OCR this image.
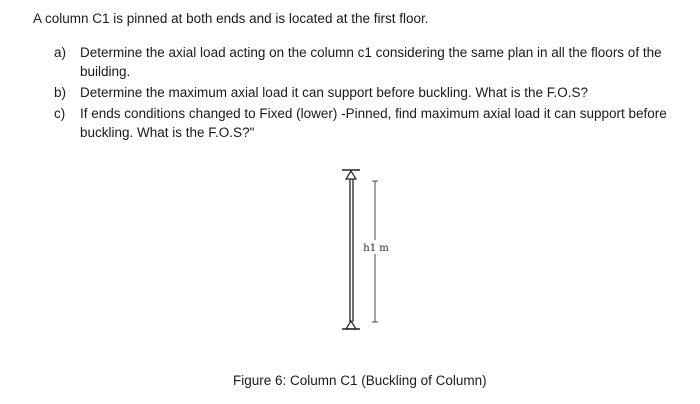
A column C1 is pinned at both ends and is located at the first floor.
a)	Determine the axial load acting on the column c1 considering the same plan in all the floors of the building.
b)	Determine the maximum axial load it can support before buckling. What is the F.O.S?
c)	If ends conditions changed to Fixed (lower) -Pinned, find maximum axial load it can support before buckling. What is the F.O.S?"
h1 m
Figure 6: Column C1 (Buckling of Column)
